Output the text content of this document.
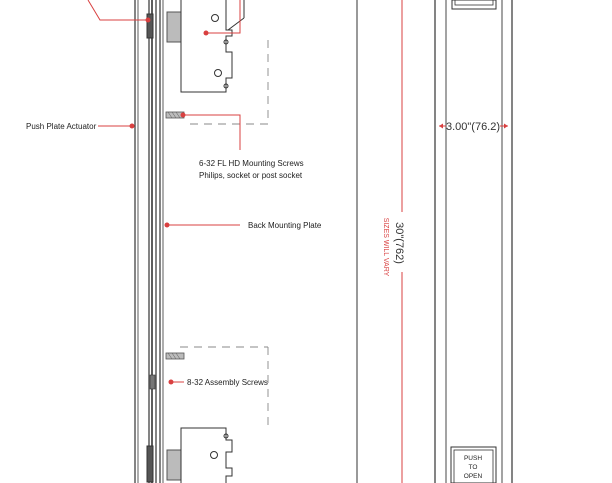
Push Plate Actuator
6-32 FL HD Mounting Screws
Philips, socket or post socket
Back Mounting Plate
8-32 Assembly Screws
30"(762)
SIZES WILL VARY
3.00"(76.2)
PUSH
TO
OPEN
